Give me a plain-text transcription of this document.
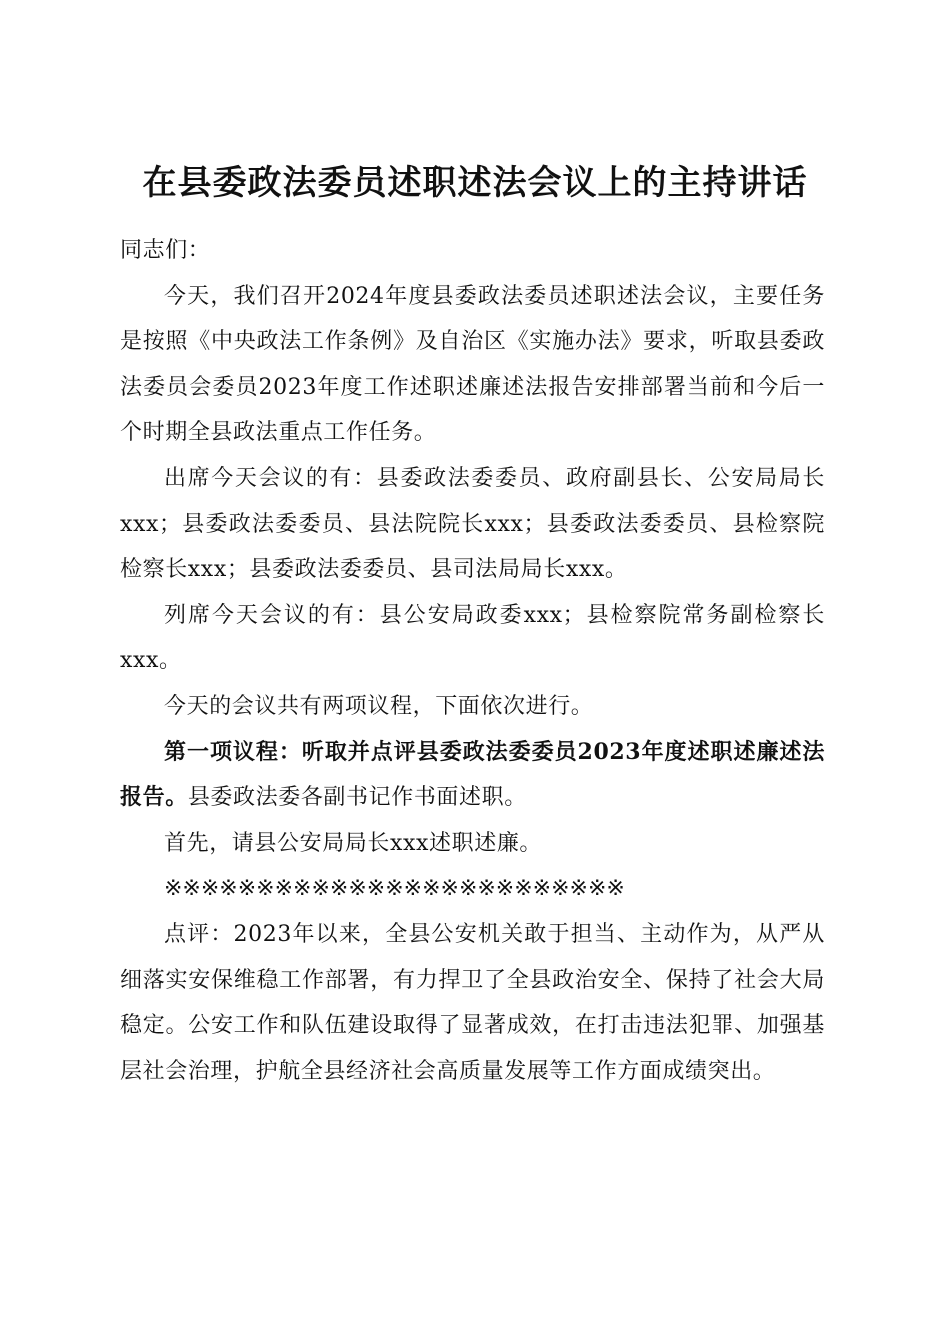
在县委政法委员述职述法会议上的主持讲话

同志们：

今天，我们召开2024年度县委政法委员述职述法会议，主要任务是按照《中央政法工作条例》及自治区《实施办法》要求，听取县委政法委员会委员2023年度工作述职述廉述法报告安排部署当前和今后一个时期全县政法重点工作任务。

出席今天会议的有：县委政法委委员、政府副县长、公安局局长xxx；县委政法委委员、县法院院长xxx；县委政法委委员、县检察院检察长xxx；县委政法委委员、县司法局局长xxx。

列席今天会议的有：县公安局政委xxx；县检察院常务副检察长xxx。

今天的会议共有两项议程，下面依次进行。

第一项议程：听取并点评县委政法委委员2023年度述职述廉述法报告。县委政法委各副书记作书面述职。

首先，请县公安局局长xxx述职述廉。

※※※※※※※※※※※※※※※※※※※※※※※※※

点评：2023年以来，全县公安机关敢于担当、主动作为，从严从细落实安保维稳工作部署，有力捍卫了全县政治安全、保持了社会大局稳定。公安工作和队伍建设取得了显著成效，在打击违法犯罪、加强基层社会治理，护航全县经济社会高质量发展等工作方面成绩突出。
